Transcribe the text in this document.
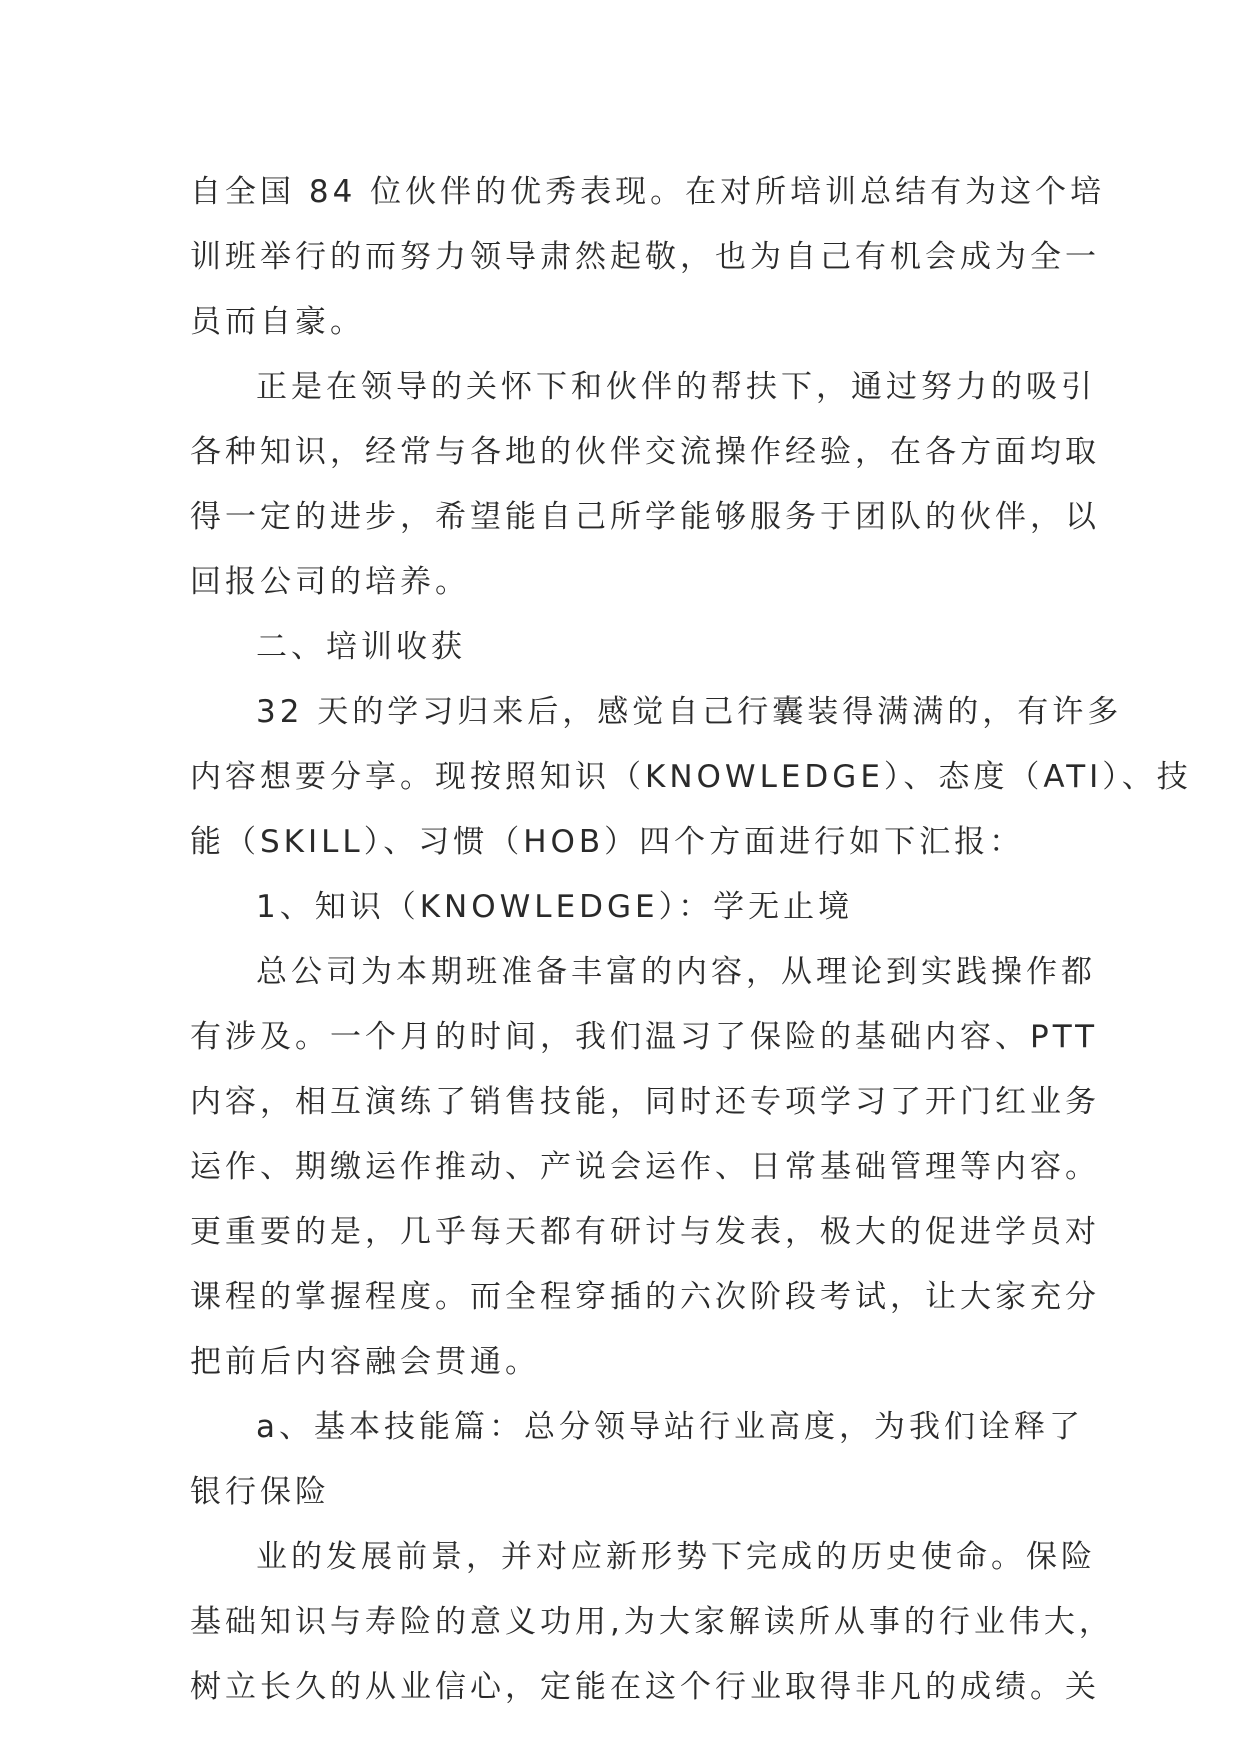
自全国 84 位伙伴的优秀表现。在对所培训总结有为这个培
训班举行的而努力领导肃然起敬，也为自己有机会成为全一
员而自豪。
正是在领导的关怀下和伙伴的帮扶下，通过努力的吸引
各种知识，经常与各地的伙伴交流操作经验，在各方面均取
得一定的进步，希望能自己所学能够服务于团队的伙伴，以
回报公司的培养。
二、培训收获
32 天的学习归来后，感觉自己行囊装得满满的，有许多
内容想要分享。现按照知识（KNOWLEDGE）、态度（ATI）、技
能（SKILL）、习惯（HOB）四个方面进行如下汇报：
1、知识（KNOWLEDGE）：学无止境
总公司为本期班准备丰富的内容，从理论到实践操作都
有涉及。一个月的时间，我们温习了保险的基础内容、PTT
内容，相互演练了销售技能，同时还专项学习了开门红业务
运作、期缴运作推动、产说会运作、日常基础管理等内容。
更重要的是，几乎每天都有研讨与发表，极大的促进学员对
课程的掌握程度。而全程穿插的六次阶段考试，让大家充分
把前后内容融会贯通。
a、基本技能篇：总分领导站行业高度，为我们诠释了
银行保险
业的发展前景，并对应新形势下完成的历史使命。保险
基础知识与寿险的意义功用,为大家解读所从事的行业伟大，
树立长久的从业信心，定能在这个行业取得非凡的成绩。关
